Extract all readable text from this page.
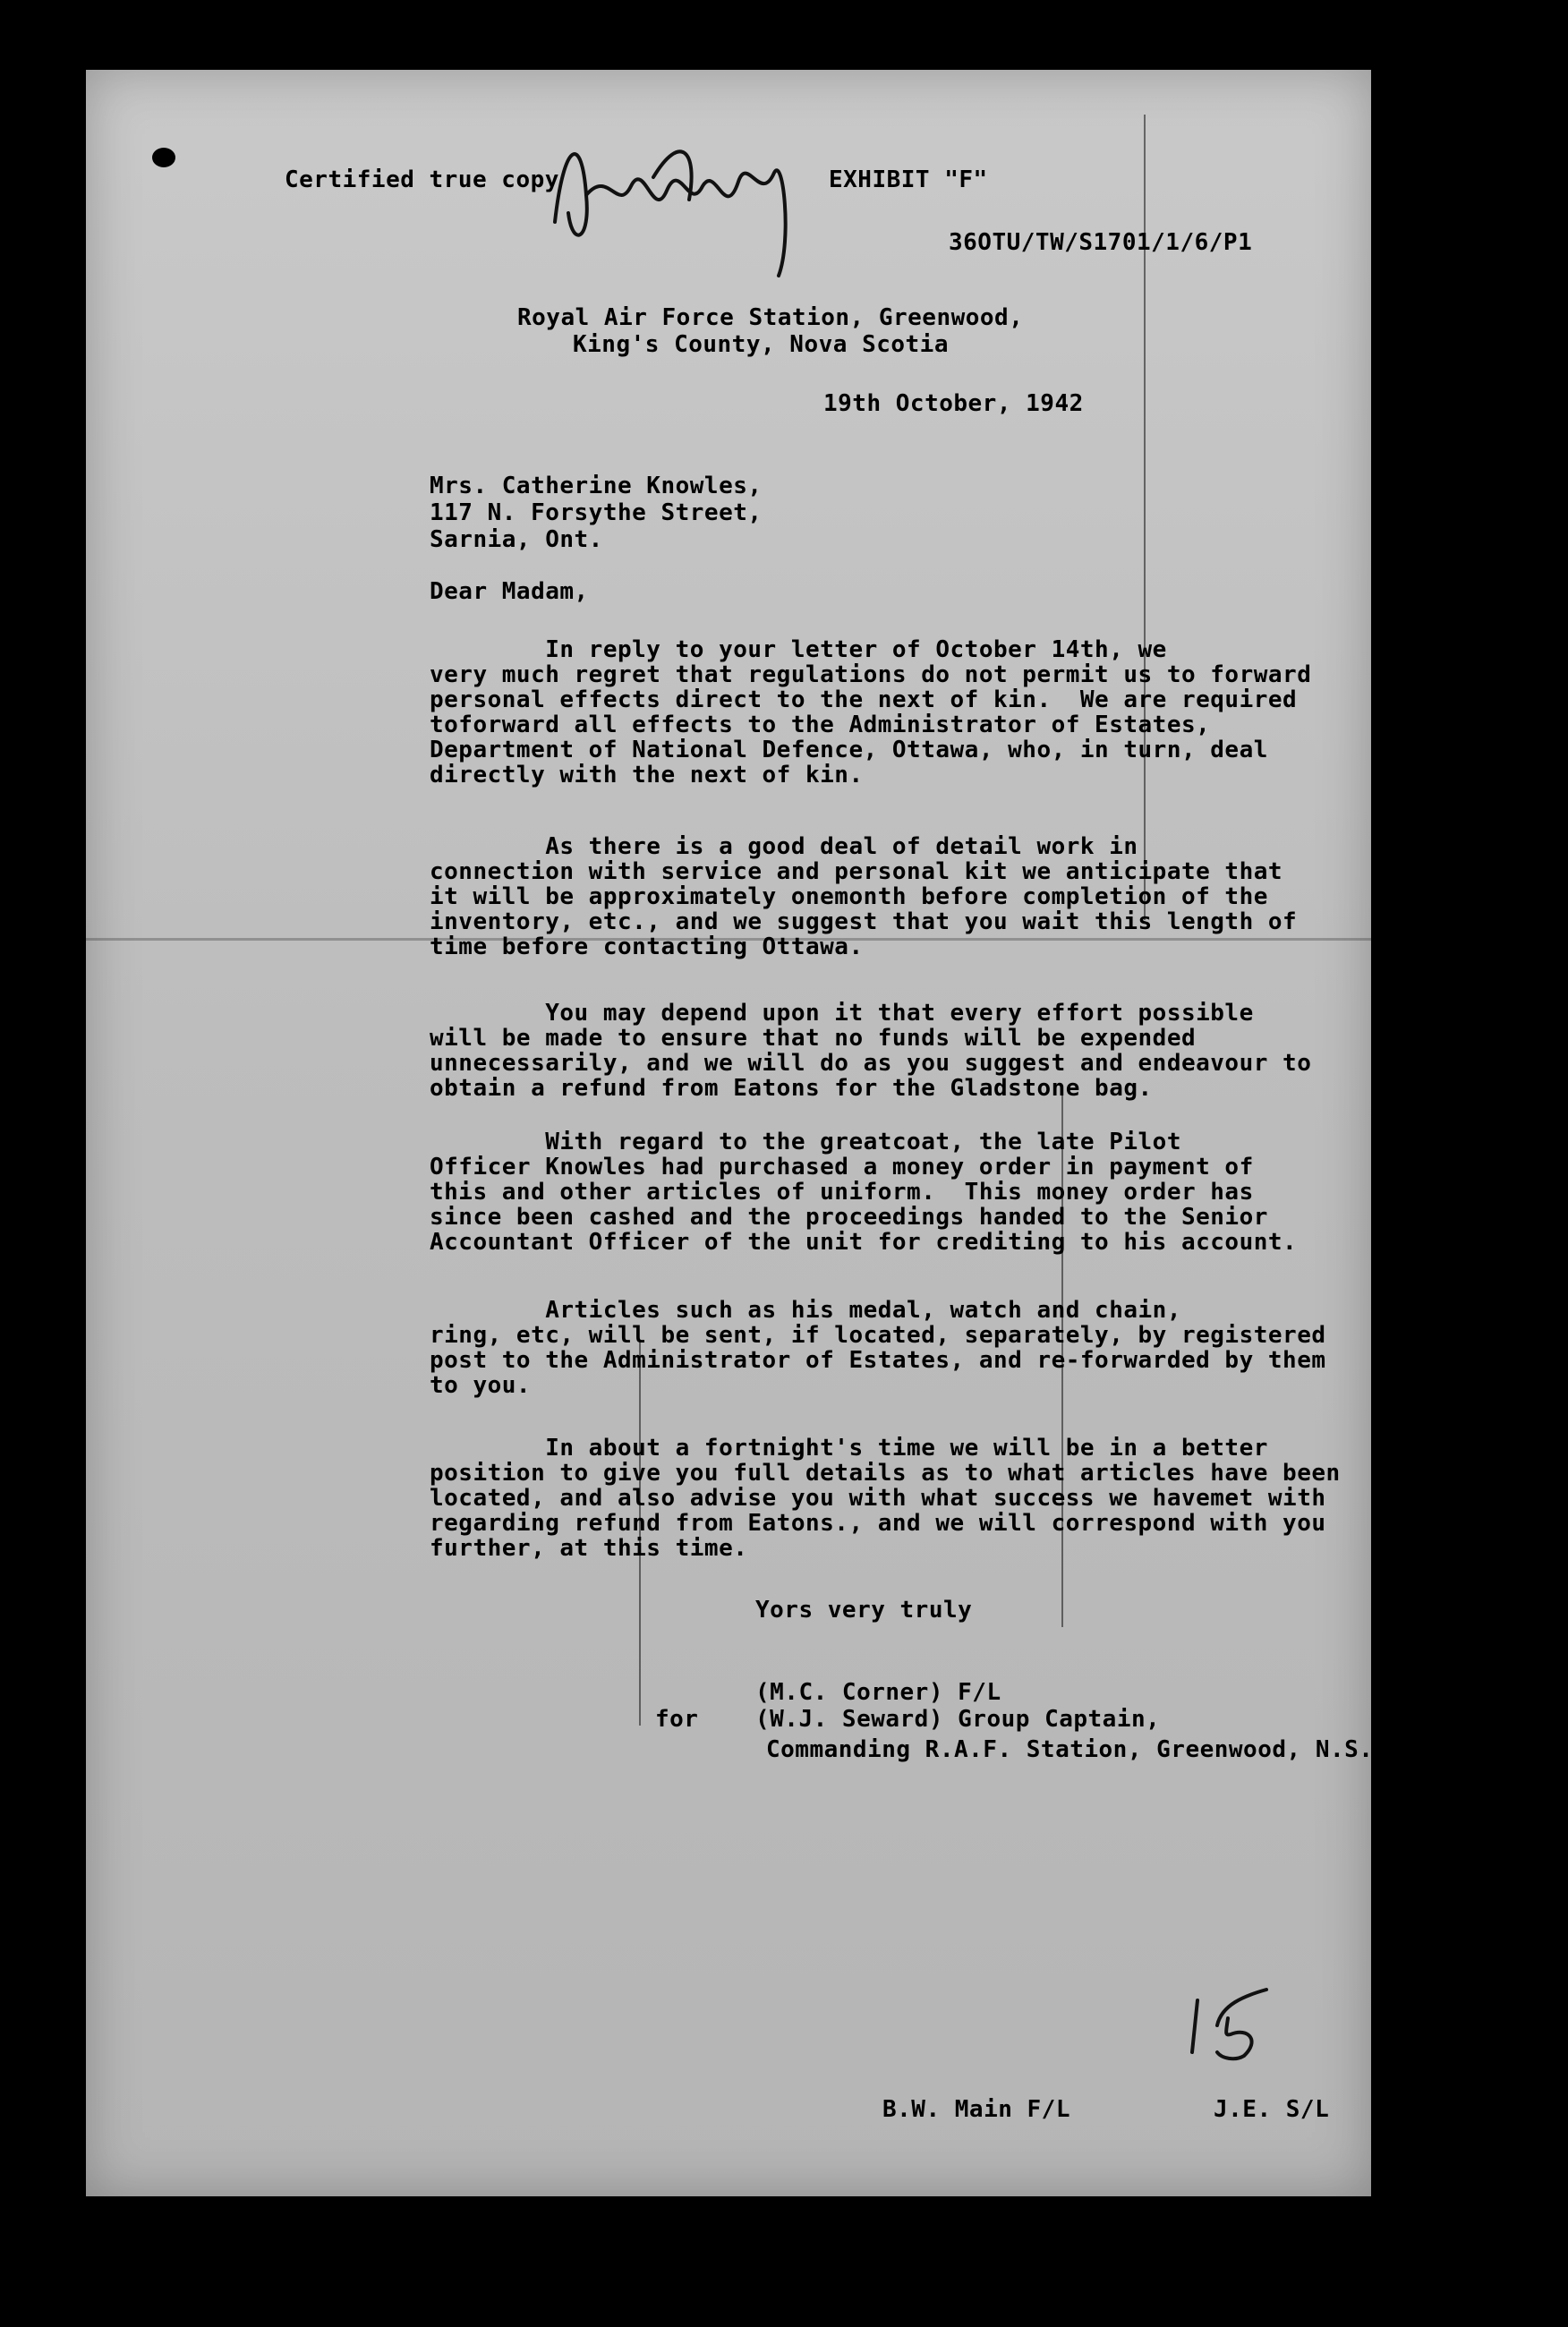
Certified true copy	EXHIBIT "F"
36OTU/TW/S1701/1/6/P1
Royal Air Force Station, Greenwood,
King's County, Nova Scotia
19th October, 1942
Mrs. Catherine Knowles,
117 N. Forsythe Street,
Sarnia, Ont.
Dear Madam,
In reply to your letter of October 14th, we
very much regret that regulations do not permit us to forward
personal effects direct to the next of kin.  We are required
toforward all effects to the Administrator of Estates,
Department of National Defence, Ottawa, who, in turn, deal
directly with the next of kin.
As there is a good deal of detail work in
connection with service and personal kit we anticipate that
it will be approximately onemonth before completion of the
inventory, etc., and we suggest that you wait this length of
time before contacting Ottawa.
You may depend upon it that every effort possible
will be made to ensure that no funds will be expended
unnecessarily, and we will do as you suggest and endeavour to
obtain a refund from Eatons for the Gladstone bag.
With regard to the greatcoat, the late Pilot
Officer Knowles had purchased a money order in payment of
this and other articles of uniform.  This money order has
since been cashed and the proceedings handed to the Senior
Accountant Officer of the unit for crediting to his account.
Articles such as his medal, watch and chain,
ring, etc, will be sent, if located, separately, by registered
post to the Administrator of Estates, and re-forwarded by them
to you.
In about a fortnight's time we will be in a better
position to give you full details as to what articles have been
located, and also advise you with what success we havemet with
regarding refund from Eatons., and we will correspond with you
further, at this time.
Yors very truly
(M.C. Corner) F/L
for (W.J. Seward) Group Captain,
Commanding R.A.F. Station, Greenwood, N.S.
B.W. Main F/L	J.E. S/L
